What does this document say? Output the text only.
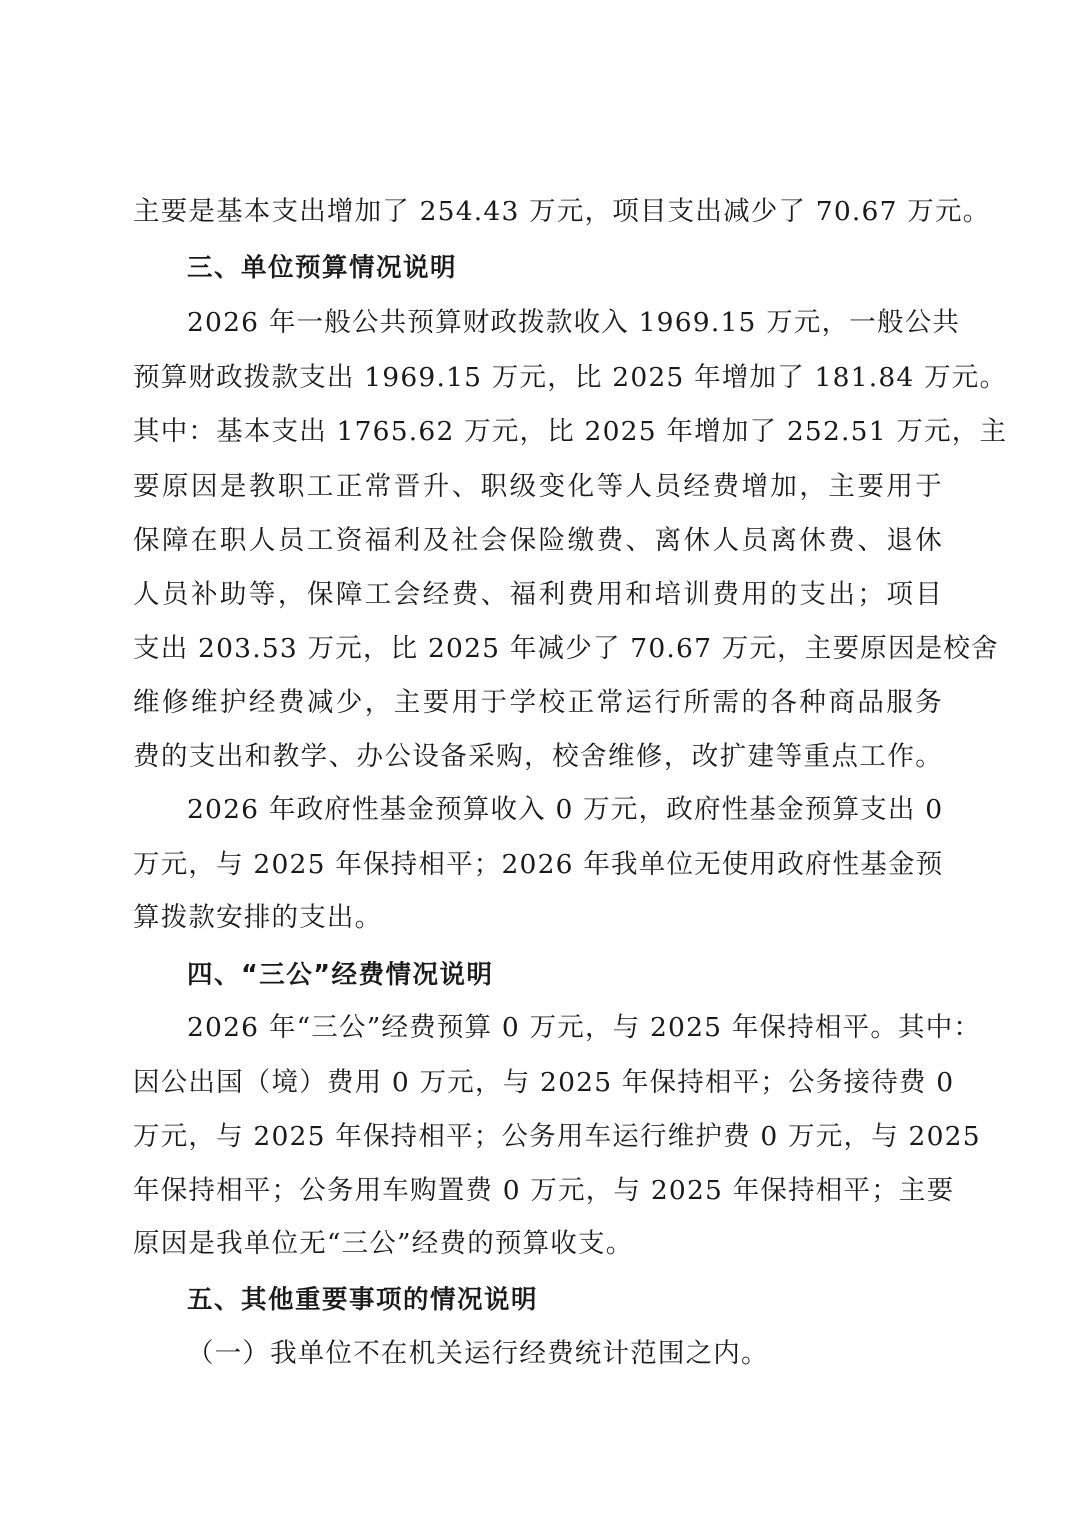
主要是基本支出增加了 254.43 万元，项目支出减少了 70.67 万元。
三、单位预算情况说明
2026 年一般公共预算财政拨款收入 1969.15 万元，一般公共
预算财政拨款支出 1969.15 万元，比 2025 年增加了 181.84 万元。
其中：基本支出 1765.62 万元，比 2025 年增加了 252.51 万元，主
要原因是教职工正常晋升、职级变化等人员经费增加，主要用于
保障在职人员工资福利及社会保险缴费、离休人员离休费、退休
人员补助等，保障工会经费、福利费用和培训费用的支出；项目
支出 203.53 万元，比 2025 年减少了 70.67 万元，主要原因是校舍
维修维护经费减少，主要用于学校正常运行所需的各种商品服务
费的支出和教学、办公设备采购，校舍维修，改扩建等重点工作。
2026 年政府性基金预算收入 0 万元，政府性基金预算支出 0
万元，与 2025 年保持相平；2026 年我单位无使用政府性基金预
算拨款安排的支出。
四、“三公”经费情况说明
2026 年“三公”经费预算 0 万元，与 2025 年保持相平。其中：
因公出国（境）费用 0 万元，与 2025 年保持相平；公务接待费 0
万元，与 2025 年保持相平；公务用车运行维护费 0 万元，与 2025
年保持相平；公务用车购置费 0 万元，与 2025 年保持相平；主要
原因是我单位无“三公”经费的预算收支。
五、其他重要事项的情况说明
（一）我单位不在机关运行经费统计范围之内。
